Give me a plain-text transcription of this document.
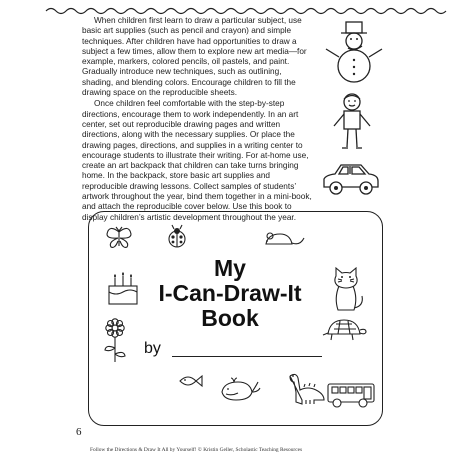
When children first learn to draw a particular subject, use basic art supplies (such as pencil and crayon) and simple techniques. After children have had opportunities to draw a subject a few times, allow them to explore new art media—for example, markers, colored pencils, oil pastels, and paint. Gradually introduce new techniques, such as outlining, shading, and blending colors. Encourage children to fill the drawing space on the reproducible sheets.

Once children feel comfortable with the step-by-step directions, encourage them to work independently. In an art center, set out reproducible drawing pages and written directions, along with the necessary supplies. Or place the drawing pages, directions, and supplies in a writing center to encourage students to illustrate their writing. For at-home use, create an art backpack that children can take turns bringing home. In the backpack, store basic art supplies and reproducible drawing lessons. Collect samples of students’ artwork throughout the year, bind them together in a mini-book, and attach the reproducible cover below. Use this book to display children’s artistic development throughout the year.

My
I-Can-Draw-It
Book
by
6
Follow the Directions & Draw It All by Yourself! © Kristin Geller, Scholastic Teaching Resources
